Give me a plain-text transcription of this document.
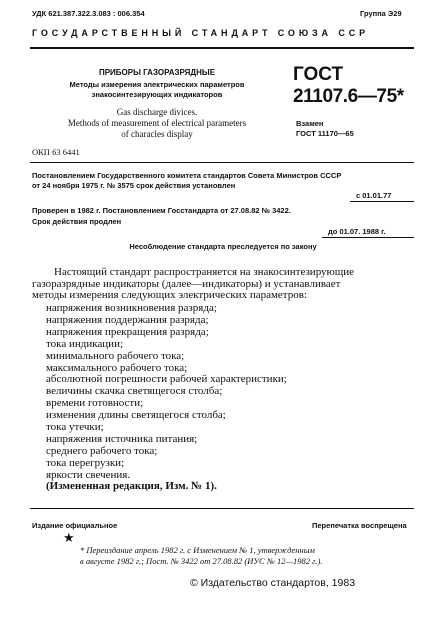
УДК 621.387.322.3.083 : 006.354	Группа Э29
ГОСУДАРСТВЕННЫЙ СТАНДАРТ СОЮЗА ССР
ПРИБОРЫ ГАЗОРАЗРЯДНЫЕ
Методы измерения электрических параметров
знакосинтезирующих индикаторов
Gas discharge divices.
Methods of measurement of electrical parameters
of characles display
ГОСТ
21107.6—75*
Взамен
ГОСТ 11170—65
ОКП 63 6441
Постановлением Государственного комитета стандартов Совета Министров СССР
от 24 ноября 1975 г. № 3575 срок действия установлен
с 01.01.77
Проверен в 1982 г. Постановлением Госстандарта от 27.08.82 № 3422.
Срок действия продлен
до 01.07. 1988 г.
Несоблюдение стандарта преследуется по закону
Настоящий стандарт распространяется на знакосинтезирующие
газоразрядные индикаторы (далее—индикаторы) и устанавливает
методы измерения следующих электрических параметров:
напряжения возникновения разряда;
напряжения поддержания разряда;
напряжения прекращения разряда;
тока индикации;
минимального рабочего тока;
максимального рабочего тока;
абсолютной погрешности рабочей характеристики;
величины скачка светящегося столба;
времени готовности;
изменения длины светящегося столба;
тока утечки;
напряжения источника питания;
среднего рабочего тока;
тока перегрузки;
яркости свечения.
(Измененная редакция, Изм. № 1).
Издание официальное	Перепечатка воспрещена
★
* Переиздание апрель 1982 г. с Изменением № 1, утвержденным
в августе 1982 г.; Пост. № 3422 от 27.08.82 (ИУС № 12—1982 г.).
© Издательство стандартов, 1983
